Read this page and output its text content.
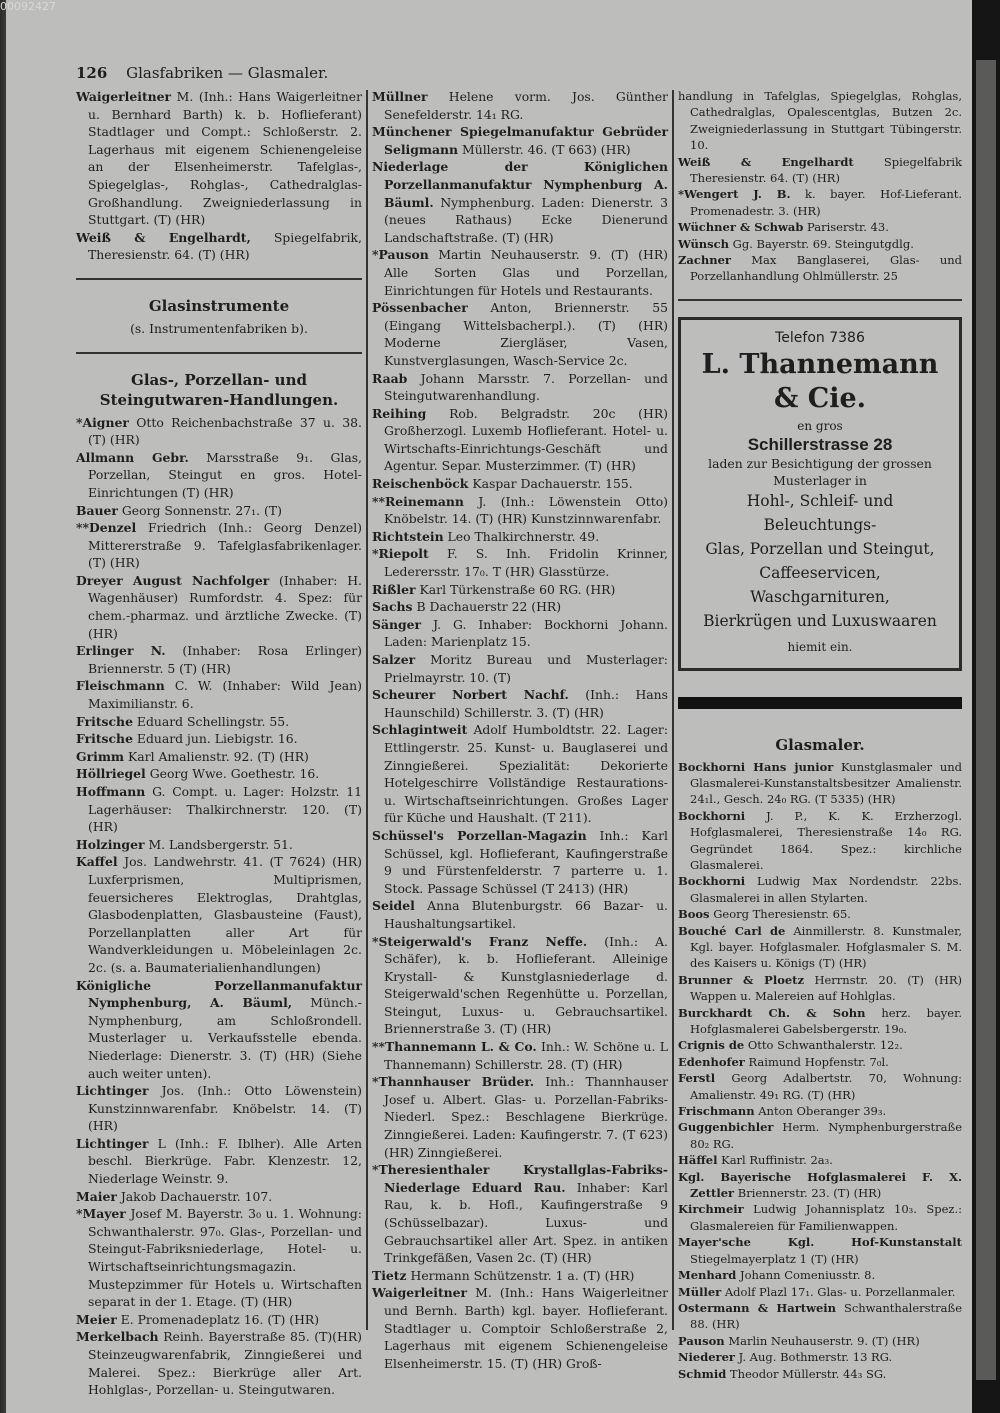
00092427
126 Glasfabriken — Glasmaler.

Waigerleitner M. (Inh.: Hans Waigerleitner u. Bernhard Barth) k. b. Hoflieferant) Stadtlager und Compt.: Schloßerstr. 2. Lagerhaus mit eigenem Schienengeleise an der Elsenheimerstr. Tafelglas-, Spiegelglas-, Rohglas-, Cathedralglas-Großhandlung. Zweigniederlassung in Stuttgart. (T) (HR)

Weiß & Engelhardt, Spiegelfabrik, Theresienstr. 64. (T) (HR)

Glasinstrumente
(s. Instrumentenfabriken b).
Glas-, Porzellan- und Steingutwaren-Handlungen.

*Aigner Otto Reichenbachstraße 37 u. 38. (T) (HR)

Allmann Gebr. Marsstraße 9₁. Glas, Porzellan, Steingut en gros. Hotel-Einrichtungen (T) (HR)

Bauer Georg Sonnenstr. 27₁. (T)

**Denzel Friedrich (Inh.: Georg Denzel) Mittererstraße 9. Tafelglasfabrikenlager. (T) (HR)

Dreyer August Nachfolger (Inhaber: H. Wagenhäuser) Rumfordstr. 4. Spez: für chem.-pharmaz. und ärztliche Zwecke. (T) (HR)

Erlinger N. (Inhaber: Rosa Erlinger) Briennerstr. 5 (T) (HR)

Fleischmann C. W. (Inhaber: Wild Jean) Maximilianstr. 6.

Fritsche Eduard Schellingstr. 55.

Fritsche Eduard jun. Liebigstr. 16.

Grimm Karl Amalienstr. 92. (T) (HR)

Höllriegel Georg Wwe. Goethestr. 16.

Hoffmann G. Compt. u. Lager: Holzstr. 11 Lagerhäuser: Thalkirchnerstr. 120. (T) (HR)

Holzinger M. Landsbergerstr. 51.

Kaffel Jos. Landwehrstr. 41. (T 7624) (HR) Luxferprismen, Multiprismen, feuersicheres Elektroglas, Drahtglas, Glasbodenplatten, Glasbausteine (Faust), Porzellanplatten aller Art für Wandverkleidungen u. Möbeleinlagen 2c. 2c. (s. a. Baumaterialienhandlungen)

Königliche Porzellanmanufaktur Nymphenburg, A. Bäuml, Münch.-Nymphenburg, am Schloßrondell. Musterlager u. Verkaufsstelle ebenda. Niederlage: Dienerstr. 3. (T) (HR) (Siehe auch weiter unten).

Lichtinger Jos. (Inh.: Otto Löwenstein) Kunstzinnwarenfabr. Knöbelstr. 14. (T) (HR)

Lichtinger L (Inh.: F. Iblher). Alle Arten beschl. Bierkrüge. Fabr. Klenzestr. 12, Niederlage Weinstr. 9.

Maier Jakob Dachauerstr. 107.

*Mayer Josef M. Bayerstr. 3₀ u. 1. Wohnung: Schwanthalerstr. 97₀. Glas-, Porzellan- und Steingut-Fabriksniederlage, Hotel- u. Wirtschaftseinrichtungsmagazin. Mustерzimmer für Hotels u. Wirtschaften separat in der 1. Etage. (T) (HR)

Meier E. Promenadeplatz 16. (T) (HR)

Merkelbach Reinh. Bayerstraße 85. (T)(HR) Steinzeugwarenfabrik, Zinngießerei und Malerei. Spez.: Bierkrüge aller Art. Hohlglas-, Porzellan- u. Steingutwaren.

Müllner Helene vorm. Jos. Günther Senefelderstr. 14₁ RG.

Münchener Spiegelmanufaktur Gebrüder Seligmann Müllerstr. 46. (T 663) (HR)

Niederlage der Königlichen Porzellanmanufaktur Nymphenburg A. Bäuml. Nymphenburg. Laden: Dienerstr. 3 (neues Rathaus) Ecke Dienerund Landschaftstraße. (T) (HR)

*Pauson Martin Neuhauserstr. 9. (T) (HR) Alle Sorten Glas und Porzellan, Einrichtungen für Hotels und Restaurants.

Pössenbacher Anton, Briennerstr. 55 (Eingang Wittelsbacherpl.). (T) (HR) Moderne Ziergläser, Vasen, Kunstverglasungen, Wasch-Service 2c.

Raab Johann Marsstr. 7. Porzellan- und Steingutwarenhandlung.

Reihing Rob. Belgradstr. 20c (HR) Großherzogl. Luxemb Hoflieferant. Hotel- u. Wirtschafts-Einrichtungs-Geschäft und Agentur. Separ. Musterzimmer. (T) (HR)

Reischenböck Kaspar Dachauerstr. 155.

**Reinemann J. (Inh.: Löwenstein Otto) Knöbelstr. 14. (T) (HR) Kunstzinnwarenfabr.

Richtstein Leo Thalkirchnerstr. 49.

*Riepolt F. S. Inh. Fridolin Krinner, Lederersstr. 17₀. T (HR) Glasstürze.

Rißler Karl Türkenstraße 60 RG. (HR)

Sachs B Dachauerstr 22 (HR)

Sänger J. G. Inhaber: Bockhorni Johann. Laden: Marienplatz 15.

Salzer Moritz Bureau und Musterlager: Prielmayrstr. 10. (T)

Scheurer Norbert Nachf. (Inh.: Hans Haunschild) Schillerstr. 3. (T) (HR)

Schlagintweit Adolf Humboldtstr. 22. Lager: Ettlingerstr. 25. Kunst- u. Bauglaserei und Zinngießerei. Spezialität: Dekorierte Hotelgeschirre Vollständige Restaurations- u. Wirtschaftseinrichtungen. Großes Lager für Küche und Haushalt. (T 211).

Schüssel's Porzellan-Magazin Inh.: Karl Schüssel, kgl. Hoflieferant, Kaufingerstraße 9 und Fürstenfelderstr. 7 parterre u. 1. Stock. Passage Schüssel (T 2413) (HR)

Seidel Anna Blutenburgstr. 66 Bazar- u. Haushaltungsartikel.

*Steigerwald's Franz Neffe. (Inh.: A. Schäfer), k. b. Hoflieferant. Alleinige Krystall- & Kunstglasniederlage d. Steigerwald'schen Regenhütte u. Porzellan, Steingut, Luxus- u. Gebrauchsartikel. Briennerstraße 3. (T) (HR)

**Thannemann L. & Co. Inh.: W. Schöne u. L Thannemann) Schillerstr. 28. (T) (HR)

*Thannhauser Brüder. Inh.: Thannhauser Josef u. Albert. Glas- u. Porzellan-Fabriks-Niederl. Spez.: Beschlagene Bierkrüge. Zinngießerei. Laden: Kaufingerstr. 7. (T 623) (HR) Zinngießerei.

*Theresienthaler Krystallglas-Fabriks-Niederlage Eduard Rau. Inhaber: Karl Rau, k. b. Hofl., Kaufingerstraße 9 (Schüsselbazar). Luxus- und Gebrauchsartikel aller Art. Spez. in antiken Trinkgefäßen, Vasen 2c. (T) (HR)

Tietz Hermann Schützenstr. 1 a. (T) (HR)

Waigerleitner M. (Inh.: Hans Waigerleitner und Bernh. Barth) kgl. bayer. Hoflieferant. Stadtlager u. Comptoir Schloßerstraße 2, Lagerhaus mit eigenem Schienengeleise Elsenheimerstr. 15. (T) (HR) Groß-

handlung in Tafelglas, Spiegelglas, Rohglas, Cathedralglas, Opalescentglas, Butzen 2c. Zweigniederlassung in Stuttgart Tübingerstr. 10.

Weiß & Engelhardt	Spiegelfabrik Theresienstr. 64. (T) (HR)

*Wengert J. B. k. bayer. Hof-Lieferant. Promenadestr. 3. (HR)

Wüchner & Schwab Pariserstr. 43.

Wünsch Gg. Bayerstr. 69. Steingutgdlg.

Zachner Max Banglaserei, Glas- und Porzellanhandlung Ohlmüllerstr. 25

Telefon 7386
L. Thannemann & Cie.
en gros
Schillerstrasse 28
laden zur Besichtigung der grossen
Musterlager in
Hohl-, Schleif- und Beleuchtungs-
Glas, Porzellan und Steingut,
Caffeeservicen, Waschgarnituren,
Bierkrügen und Luxuswaaren
hiemit ein.
Glasmaler.

Bockhorni Hans junior Kunstglasmaler und Glasmalerei-Kunstanstaltsbesitzer Amalienstr. 24₁l., Gesch. 24₀ RG. (T 5335) (HR)

Bockhorni J. P., K. K. Erzherzogl. Hofglasmalerei, Theresienstraße 14₀ RG. Gegründet 1864. Spez.: kirchliche Glasmalerei.

Bockhorni Ludwig Max Nordendstr. 22bs. Glasmalerei in allen Stylarten.

Boos Georg Theresienstr. 65.

Bouché Carl de Ainmillerstr. 8. Kunstmaler, Kgl. bayer. Hofglasmaler. Hofglasmaler S. M. des Kaisers u. Königs (T) (HR)

Brunner & Ploetz Herrnstr. 20. (T) (HR) Wappen u. Malereien auf Hohlglas.

Burckhardt Ch. & Sohn herz. bayer. Hofglasmalerei Gabelsbergerstr. 19₀.

Crignis de Otto Schwanthalerstr. 12₂.

Edenhofer Raimund Hopfenstr. 7₀l.

Ferstl Georg Adalbertstr. 70, Wohnung: Amalienstr. 49₁ RG. (T) (HR)

Frischmann Anton Oberanger 39₃.

Guggenbichler Herm. Nymphenburgerstraße 80₂ RG.

Häffel Karl Ruffinistr. 2a₃.

Kgl. Bayerische Hofglasmalerei F. X. Zettler Briennerstr. 23. (T) (HR)

Kirchmeir Ludwig Johannisplatz 10₃. Spez.: Glasmalereien für Familienwappen.

Mayer'sche Kgl. Hof-Kunstanstalt Stiegelmayerplatz 1 (T) (HR)

Menhard Johann Comeniusstr. 8.

Müller Adolf Plazl 17₁. Glas- u. Porzellanmaler.

Ostermann & Hartwein Schwanthalerstraße 88. (HR)

Pauson Marlin Neuhauserstr. 9. (T) (HR)

Niederer J. Aug. Bothmerstr. 13 RG.

Schmid Theodor Müllerstr. 44₃ SG.
